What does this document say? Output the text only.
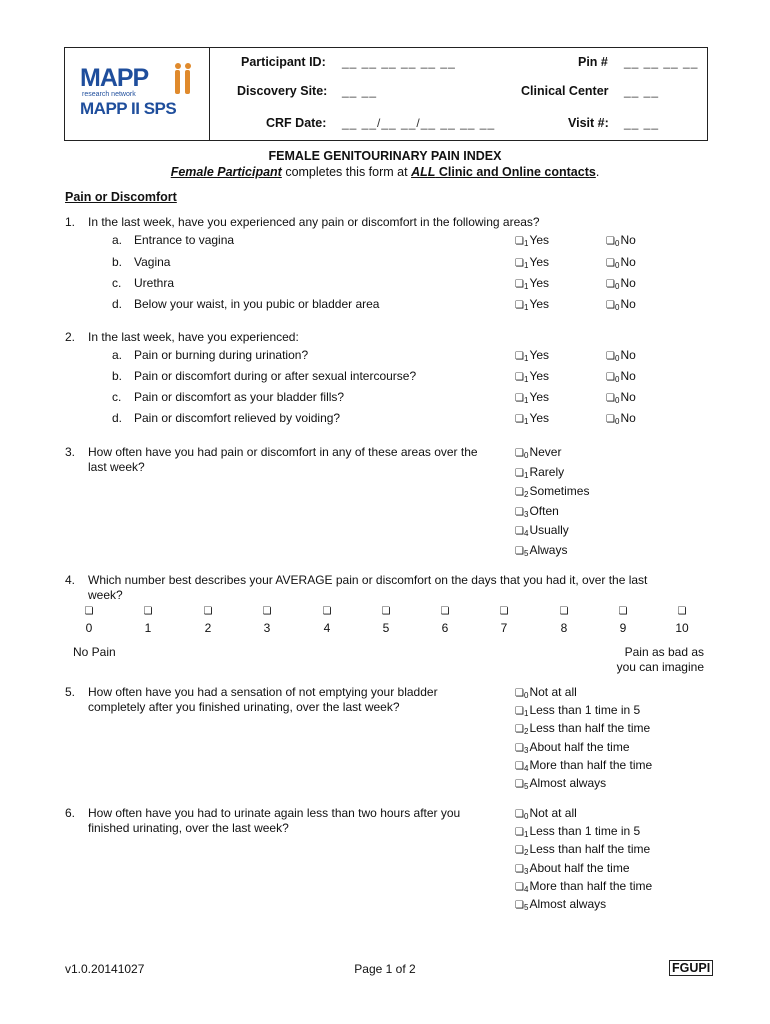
MAPP
research network
MAPP II SPS
Participant ID: __ __ __ __ __ __	Pin # __ __ __ __
Discovery Site: __ __	Clinical Center __ __
CRF Date: __ __/__ __/__ __ __ __	Visit #: __ __
FEMALE GENITOURINARY PAIN INDEX
Female Participant completes this form at ALL Clinic and Online contacts.
Pain or Discomfort
1. In the last week, have you experienced any pain or discomfort in the following areas?
a. Entrance to vagina	$❏_1Yes$	$❏_0No$
b. Vagina	$❏_1Yes$	$❏_0No$
c. Urethra	$❏_1Yes$	$❏_0No$
d. Below your waist, in you pubic or bladder area	$❏_1Yes$	$❏_0No$
2. In the last week, have you experienced:
a. Pain or burning during urination?	$❏_1Yes$	$❏_0No$
b. Pain or discomfort during or after sexual intercourse?	$❏_1Yes$	$❏_0No$
c. Pain or discomfort as your bladder fills?	$❏_1Yes$	$❏_0No$
d. Pain or discomfort relieved by voiding?	$❏_1Yes$	$❏_0No$
3. How often have you had pain or discomfort in any of these areas over the
last week?
$❏_0Never$
$❏_1Rarely$
$❏_2Sometimes$
$❏_3Often$
$❏_4Usually$
$❏_5Always$
4. Which number best describes your AVERAGE pain or discomfort on the days that you had it, over the last
week?
❏
0
❏
1
❏
2
❏
3
❏
4
❏
5
❏
6
❏
7
❏
8
❏
9
❏
10
No Pain	Pain as bad as
you can imagine
5. How often have you had a sensation of not emptying your bladder
completely after you finished urinating, over the last week?
$❏_0Not$ at all
$❏_1Less$ than 1 time in 5
$❏_2Less$ than half the time
$❏_3About$ half the time
$❏_4More$ than half the time
$❏_5Almost$ always
6. How often have you had to urinate again less than two hours after you
finished urinating, over the last week?
$❏_0Not$ at all
$❏_1Less$ than 1 time in 5
$❏_2Less$ than half the time
$❏_3About$ half the time
$❏_4More$ than half the time
$❏_5Almost$ always
v1.0.20141027	Page 1 of 2	FGUPI
